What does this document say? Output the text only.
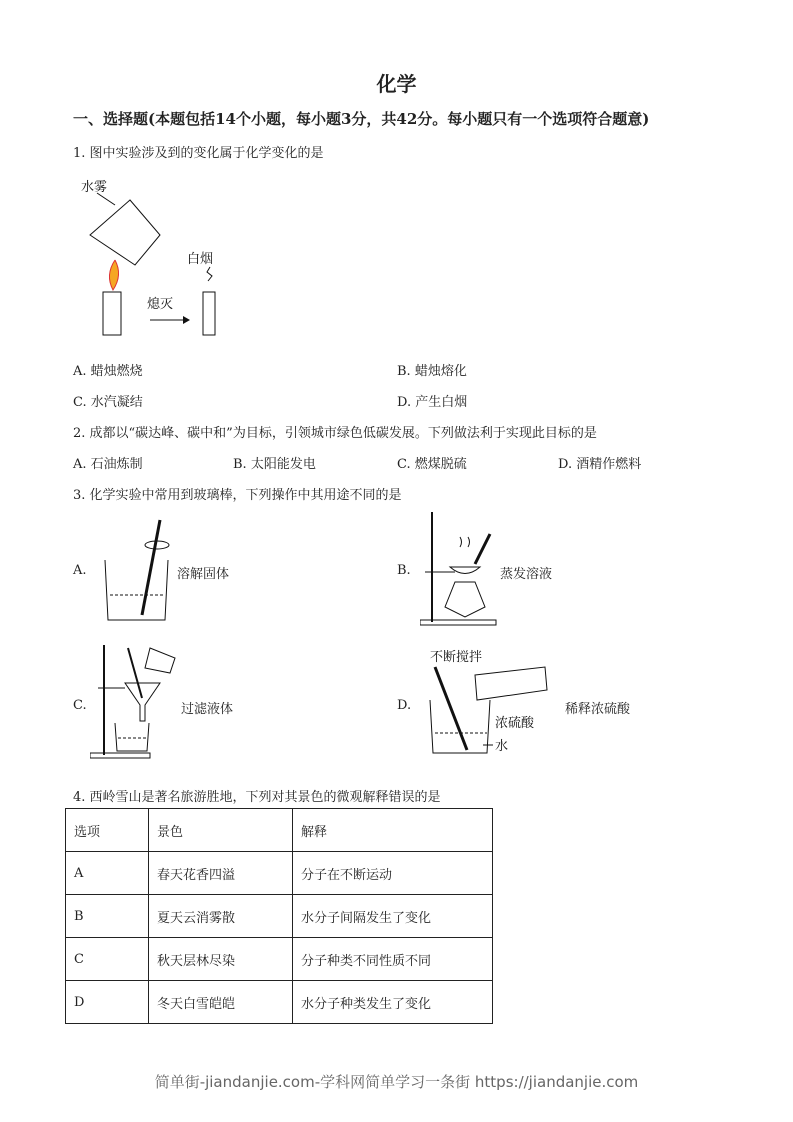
化学
一、选择题(本题包括14个小题，每小题3分，共42分。每小题只有一个选项符合题意)
1. 图中实验涉及到的变化属于化学变化的是
水雾
熄灭
白烟
A. 蜡烛燃烧	B. 蜡烛熔化
C. 水汽凝结	D. 产生白烟
2. 成都以“碳达峰、碳中和”为目标，引领城市绿色低碳发展。下列做法利于实现此目标的是
A. 石油炼制	B. 太阳能发电	C. 燃煤脱硫	D. 酒精作燃料
3. 化学实验中常用到玻璃棒，下列操作中其用途不同的是
A.	溶解固体	B.	蒸发溶液
C.	过滤液体	D.
不断搅拌
浓硫酸
水
稀释浓硫酸
4. 西岭雪山是著名旅游胜地，下列对其景色的微观解释错误的是
选项	景色	解释
A	春天花香四溢	分子在不断运动
B	夏天云消雾散	水分子间隔发生了变化
C	秋天层林尽染	分子种类不同性质不同
D	冬天白雪皑皑	水分子种类发生了变化
简单街-jiandanjie.com-学科网简单学习一条街 https://jiandanjie.com
